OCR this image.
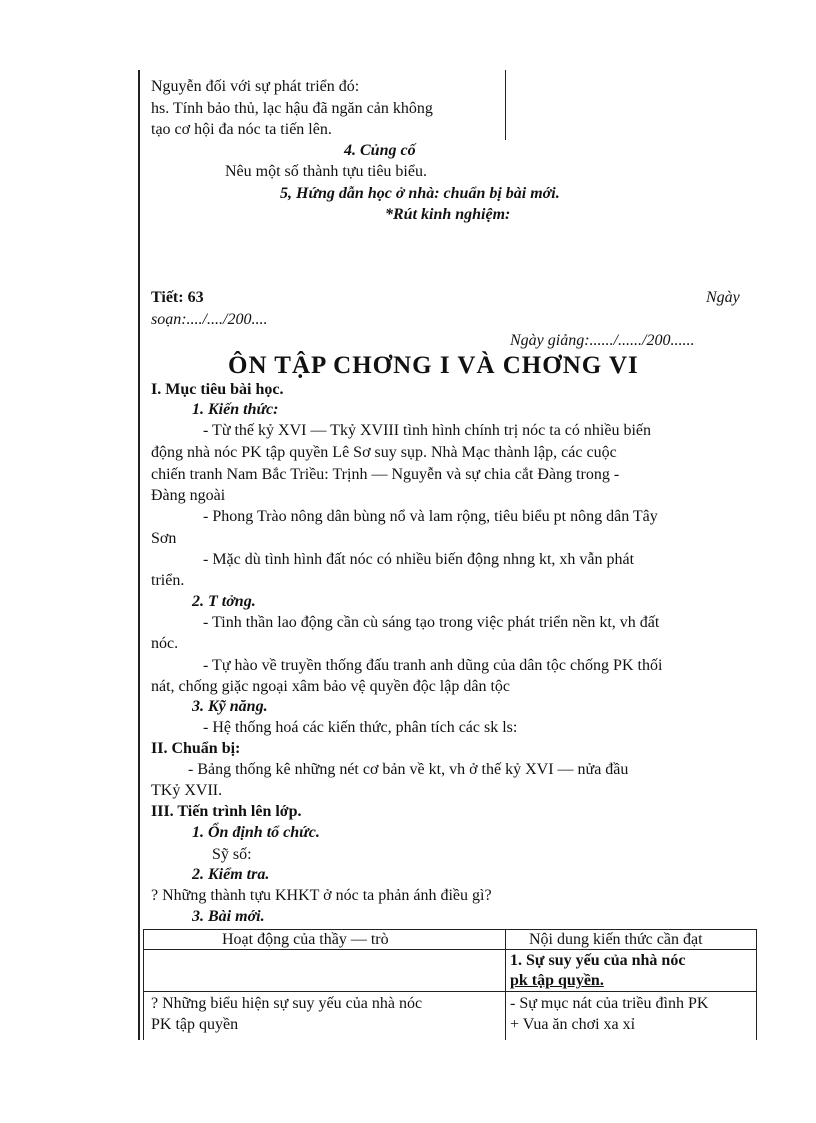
Nguyễn đối với sự phát triển đó:
hs. Tính bảo thủ, lạc hậu đã ngăn cản không
tạo cơ hội đa nóc ta tiến lên.
4. Củng cố
Nêu một số thành tựu tiêu biểu.
5, Hứng dẫn học ở nhà: chuẩn bị bài mới.
*Rút kinh nghiệm:
Tiết: 63	Ngày
soạn:..../..../200....
Ngày giảng:....../....../200......
ÔN TẬP CHƠNG I VÀ CHƠNG VI
I. Mục tiêu bài học.
1. Kiến thức:
- Từ thế kỷ XVI — Tkỷ XVIII tình hình chính trị nóc ta có nhiều biến
động nhà nóc PK tập quyền Lê Sơ suy sụp. Nhà Mạc thành lập, các cuộc
chiến tranh Nam Bắc Triều: Trịnh — Nguyễn và sự chia cắt Đàng trong -
Đàng ngoài
- Phong Trào nông dân bùng nổ và lam rộng, tiêu biểu pt nông dân Tây
Sơn
- Mặc dù tình hình đất nóc có nhiều biến động nhng kt, xh vẫn phát
triển.
2. T tởng.
- Tinh thần lao động cần cù sáng tạo trong việc phát triển nền kt, vh đất
nóc.
- Tự hào về truyền thống đấu tranh anh dũng của dân tộc chống PK thối
nát, chống giặc ngoại xâm bảo vệ quyền độc lập dân tộc
3. Kỹ năng.
- Hệ thống hoá các kiến thức, phân tích các sk ls:
II. Chuẩn bị:
- Bảng thống kê những nét cơ bản về kt, vh ở thế kỷ XVI — nửa đầu
TKỷ XVII.
III. Tiến trình lên lớp.
1. Ổn định tổ chức.
Sỹ số:
2. Kiểm tra.
? Những thành tựu KHKT ở nóc ta phản ánh điều gì?
3. Bài mới.
Hoạt động của thầy — trò	Nội dung kiến thức cần đạt
1. Sự suy yếu của nhà nóc
pk tập quyền.
? Những biểu hiện sự suy yếu của nhà nóc
PK tập quyền
- Sự mục nát của triều đình PK
+ Vua ăn chơi xa xỉ
